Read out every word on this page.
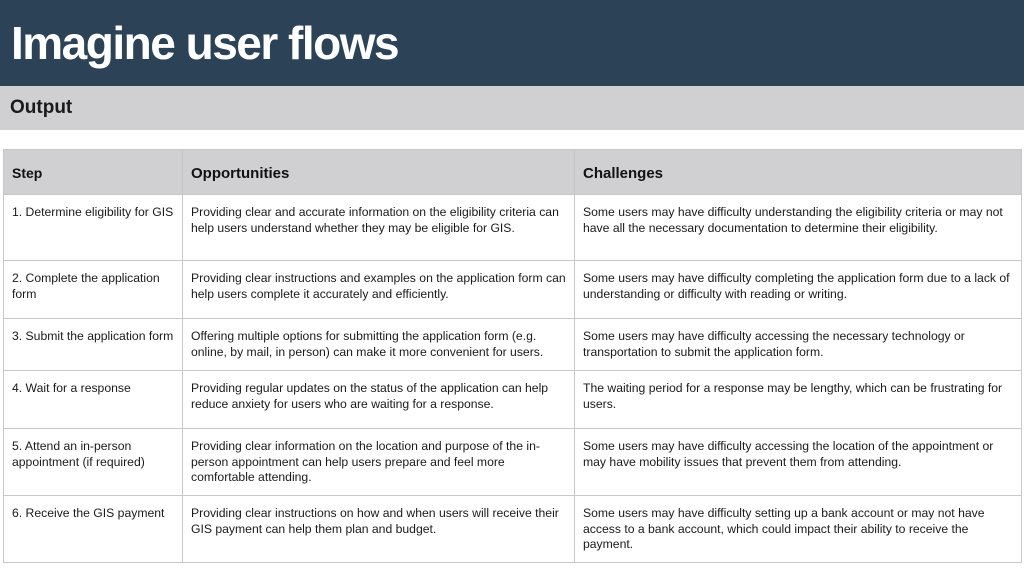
Imagine user flows
Output
Step	Opportunities	Challenges
1. Determine eligibility for GIS	Providing clear and accurate information on the eligibility criteria can help users understand whether they may be eligible for GIS.	Some users may have difficulty understanding the eligibility criteria or may not have all the necessary documentation to determine their eligibility.
2. Complete the application form	Providing clear instructions and examples on the application form can help users complete it accurately and efficiently.	Some users may have difficulty completing the application form due to a lack of understanding or difficulty with reading or writing.
3. Submit the application form	Offering multiple options for submitting the application form (e.g. online, by mail, in person) can make it more convenient for users.	Some users may have difficulty accessing the necessary technology or transportation to submit the application form.
4. Wait for a response	Providing regular updates on the status of the application can help reduce anxiety for users who are waiting for a response.	The waiting period for a response may be lengthy, which can be frustrating for users.
5. Attend an in-person appointment (if required)	Providing clear information on the location and purpose of the in-person appointment can help users prepare and feel more comfortable attending.	Some users may have difficulty accessing the location of the appointment or may have mobility issues that prevent them from attending.
6. Receive the GIS payment	Providing clear instructions on how and when users will receive their GIS payment can help them plan and budget.	Some users may have difficulty setting up a bank account or may not have access to a bank account, which could impact their ability to receive the payment.
